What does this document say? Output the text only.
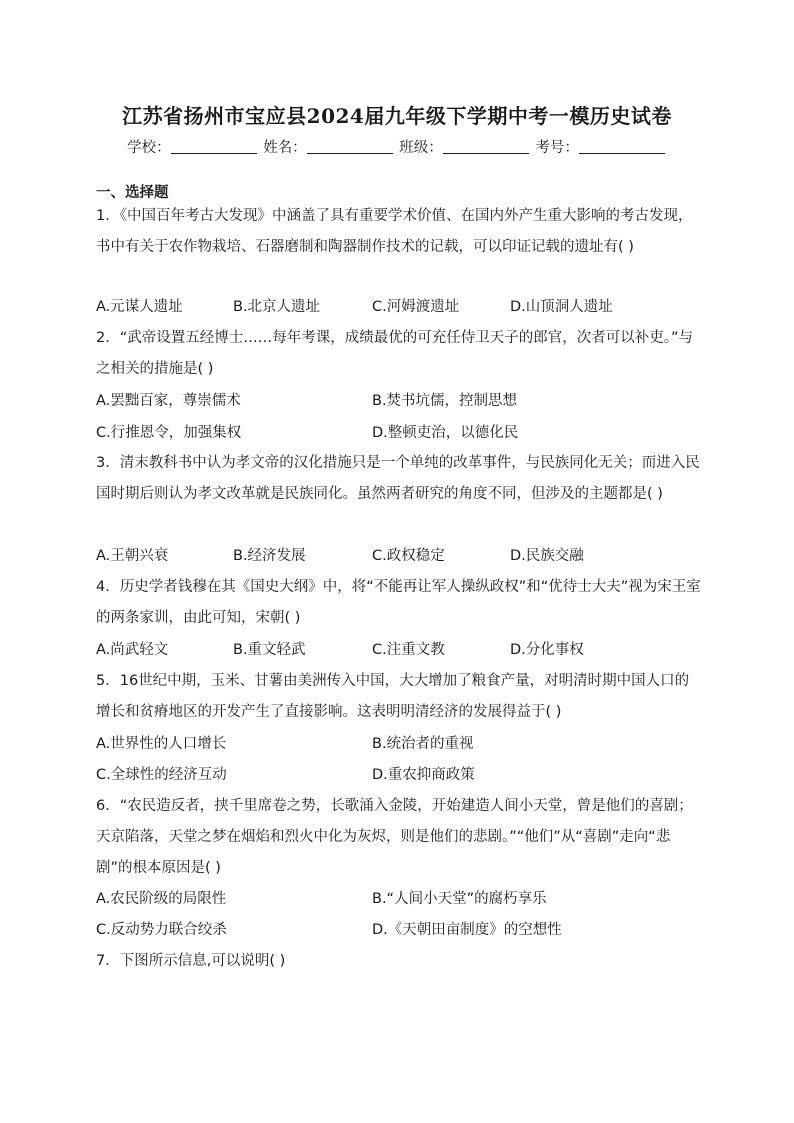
江苏省扬州市宝应县2024届九年级下学期中考一模历史试卷
学校：	姓名：	班级：	考号：
一、选择题
1．《中国百年考古大发现》中涵盖了具有重要学术价值、在国内外产生重大影响的考古发现，书中有关于农作物栽培、石器磨制和陶器制作技术的记载，可以印证记载的遗址有( )
A.元谋人遗址	B.北京人遗址	C.河姆渡遗址	D.山顶洞人遗址
2．“武帝设置五经博士……每年考课，成绩最优的可充任侍卫天子的郎官，次者可以补吏。”与之相关的措施是( )
A.罢黜百家，尊崇儒术	B.焚书坑儒，控制思想
C.行推恩令，加强集权	D.整顿吏治，以德化民
3．清末教科书中认为孝文帝的汉化措施只是一个单纯的改革事件，与民族同化无关；而进入民国时期后则认为孝文改革就是民族同化。虽然两者研究的角度不同，但涉及的主题都是( )
A.王朝兴衰	B.经济发展	C.政权稳定	D.民族交融
4．历史学者钱穆在其《国史大纲》中，将“不能再让军人操纵政权”和“优待士大夫”视为宋王室的两条家训，由此可知，宋朝( )
A.尚武轻文	B.重文轻武	C.注重文教	D.分化事权
5．16世纪中期，玉米、甘薯由美洲传入中国，大大增加了粮食产量，对明清时期中国人口的增长和贫瘠地区的开发产生了直接影响。这表明明清经济的发展得益于( )
A.世界性的人口增长	B.统治者的重视
C.全球性的经济互动	D.重农抑商政策
6．“农民造反者，挟千里席卷之势，长歌涌入金陵，开始建造人间小天堂，曾是他们的喜剧；天京陷落，天堂之梦在烟焰和烈火中化为灰烬，则是他们的悲剧。”“他们”从“喜剧”走向“悲剧”的根本原因是( )
A.农民阶级的局限性	B.“人间小天堂”的腐朽享乐
C.反动势力联合绞杀	D.《天朝田亩制度》的空想性
7．下图所示信息,可以说明( )
